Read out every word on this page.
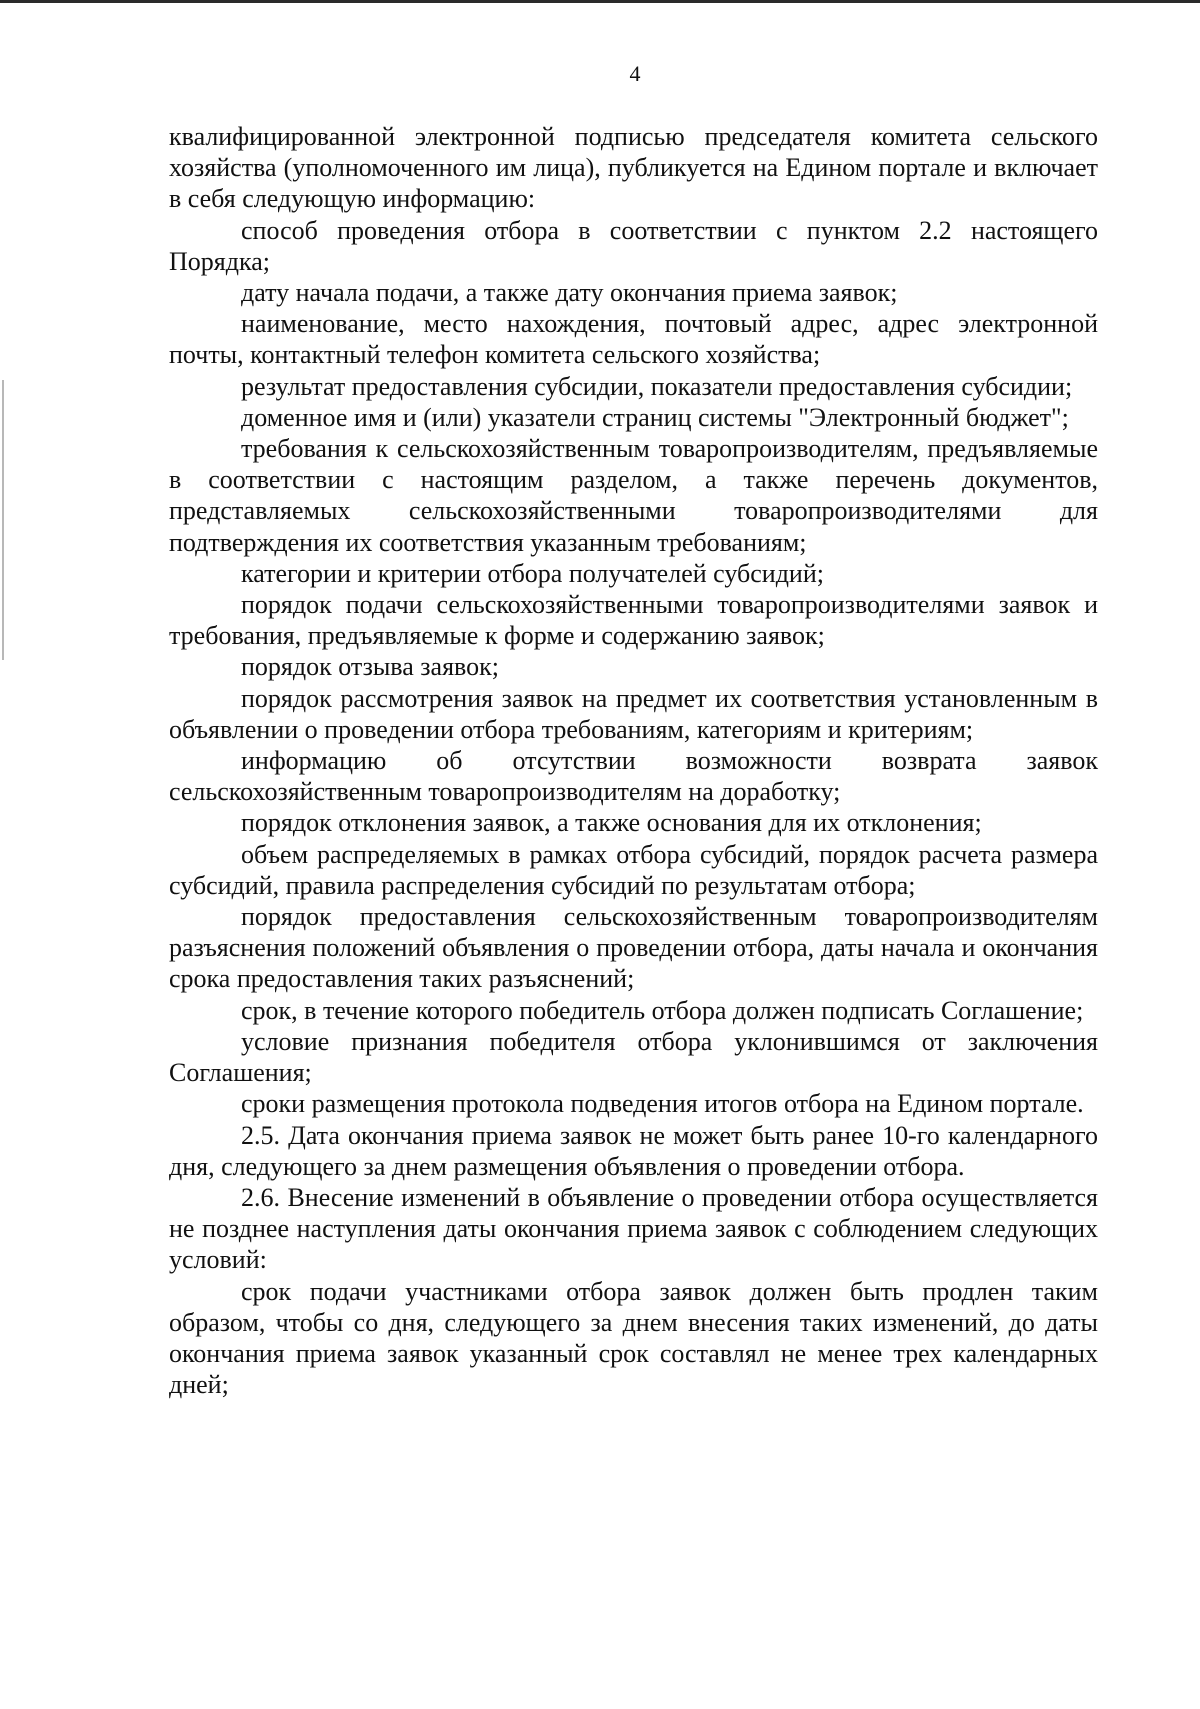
4

квалифицированной электронной подписью председателя комитета сельского хозяйства (уполномоченного им лица), публикуется на Едином портале и включает в себя следующую информацию:

способ проведения отбора в соответствии с пунктом 2.2 настоящего Порядка;

дату начала подачи, а также дату окончания приема заявок;

наименование, место нахождения, почтовый адрес, адрес электронной почты, контактный телефон комитета сельского хозяйства;

результат предоставления субсидии, показатели предоставления субсидии;

доменное имя и (или) указатели страниц системы "Электронный бюджет";

требования к сельскохозяйственным товаропроизводителям, предъявляемые в соответствии с настоящим разделом, а также перечень документов, представляемых сельскохозяйственными товаропроизводителями для подтверждения их соответствия указанным требованиям;

категории и критерии отбора получателей субсидий;

порядок подачи сельскохозяйственными товаропроизводителями заявок и требования, предъявляемые к форме и содержанию заявок;

порядок отзыва заявок;

порядок рассмотрения заявок на предмет их соответствия установленным в объявлении о проведении отбора требованиям, категориям и критериям;

информацию об отсутствии возможности возврата заявок сельскохозяйственным товаропроизводителям на доработку;

порядок отклонения заявок, а также основания для их отклонения;

объем распределяемых в рамках отбора субсидий, порядок расчета размера субсидий, правила распределения субсидий по результатам отбора;

порядок предоставления сельскохозяйственным товаропроизводителям разъяснения положений объявления о проведении отбора, даты начала и окончания срока предоставления таких разъяснений;

срок, в течение которого победитель отбора должен подписать Соглашение;

условие признания победителя отбора уклонившимся от заключения Соглашения;

сроки размещения протокола подведения итогов отбора на Едином портале.

2.5. Дата окончания приема заявок не может быть ранее 10-го календарного дня, следующего за днем размещения объявления о проведении отбора.

2.6. Внесение изменений в объявление о проведении отбора осуществляется не позднее наступления даты окончания приема заявок с соблюдением следующих условий:

срок подачи участниками отбора заявок должен быть продлен таким образом, чтобы со дня, следующего за днем внесения таких изменений, до даты окончания приема заявок указанный срок составлял не менее трех календарных дней;
